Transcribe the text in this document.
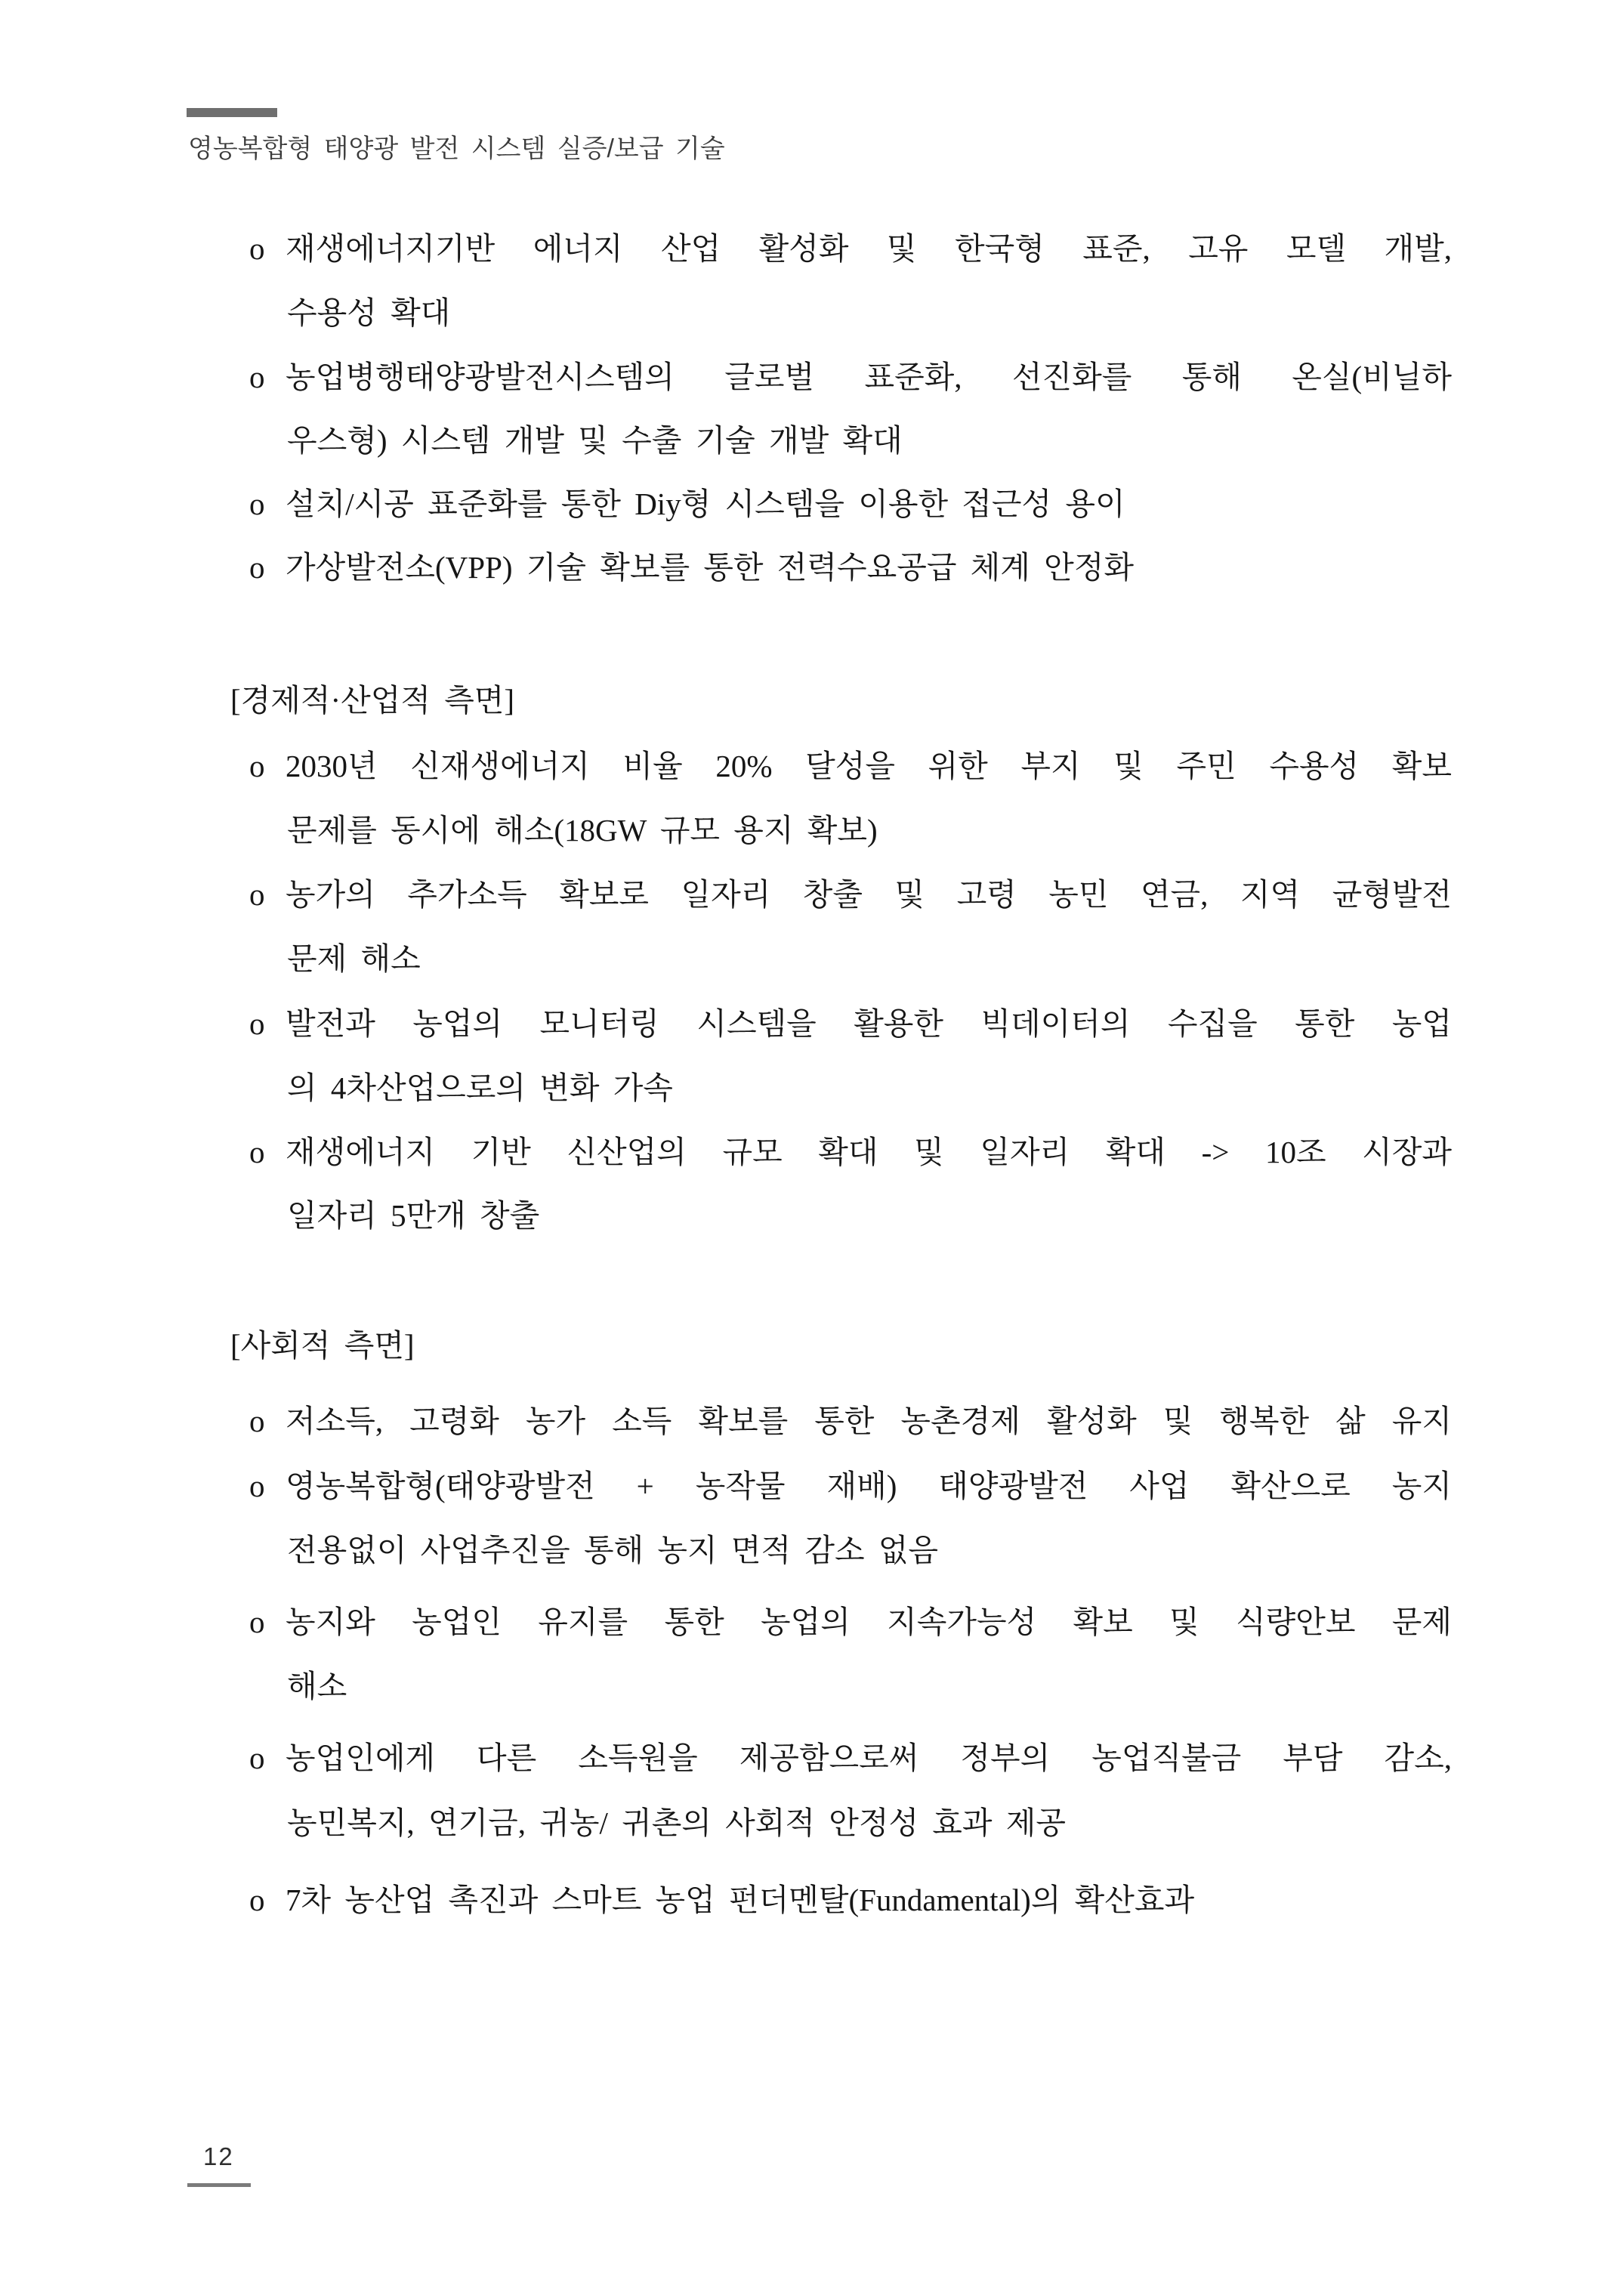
영농복합형 태양광 발전 시스템 실증/보급 기술
o 재생에너지기반 에너지 산업 활성화 및 한국형 표준, 고유 모델 개발,
수용성 확대
o 농업병행태양광발전시스템의 글로벌 표준화, 선진화를 통해 온실(비닐하
우스형) 시스템 개발 및 수출 기술 개발 확대
o 설치/시공 표준화를 통한 Diy형 시스템을 이용한 접근성 용이
o 가상발전소(VPP) 기술 확보를 통한 전력수요공급 체계 안정화
[경제적·산업적 측면]
o 2030년 신재생에너지 비율 20% 달성을 위한 부지 및 주민 수용성 확보
문제를 동시에 해소(18GW 규모 용지 확보)
o 농가의 추가소득 확보로 일자리 창출 및 고령 농민 연금, 지역 균형발전
문제 해소
o 발전과 농업의 모니터링 시스템을 활용한 빅데이터의 수집을 통한 농업
의 4차산업으로의 변화 가속
o 재생에너지 기반 신산업의 규모 확대 및 일자리 확대 -> 10조 시장과
일자리 5만개 창출
[사회적 측면]
o 저소득, 고령화 농가 소득 확보를 통한 농촌경제 활성화 및 행복한 삶 유지
o 영농복합형(태양광발전 + 농작물 재배) 태양광발전 사업 확산으로 농지
전용없이 사업추진을 통해 농지 면적 감소 없음
o 농지와 농업인 유지를 통한 농업의 지속가능성 확보 및 식량안보 문제
해소
o 농업인에게 다른 소득원을 제공함으로써 정부의 농업직불금 부담 감소,
농민복지, 연기금, 귀농/ 귀촌의 사회적 안정성 효과 제공
o 7차 농산업 촉진과 스마트 농업 펀더멘탈(Fundamental)의 확산효과
12
